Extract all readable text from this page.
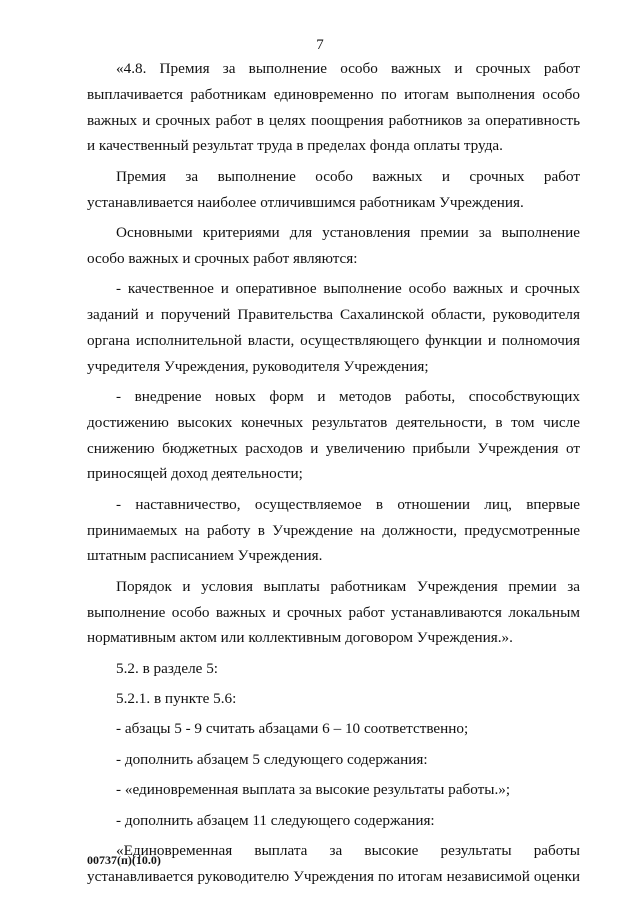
7

«4.8. Премия за выполнение особо важных и срочных работ выплачивается работникам единовременно по итогам выполнения особо важных и срочных работ в целях поощрения работников за оперативность и качественный результат труда в пределах фонда оплаты труда.

Премия за выполнение особо важных и срочных работ устанавливается наиболее отличившимся работникам Учреждения.

Основными критериями для установления премии за выполнение особо важных и срочных работ являются:

- качественное и оперативное выполнение особо важных и срочных заданий и поручений Правительства Сахалинской области, руководителя органа исполнительной власти, осуществляющего функции и полномочия учредителя Учреждения, руководителя Учреждения;

- внедрение новых форм и методов работы, способствующих достижению высоких конечных результатов деятельности, в том числе снижению бюджетных расходов и увеличению прибыли Учреждения от приносящей доход деятельности;

- наставничество, осуществляемое в отношении лиц, впервые принимаемых на работу в Учреждение на должности, предусмотренные штатным расписанием Учреждения.

Порядок и условия выплаты работникам Учреждения премии за выполнение особо важных и срочных работ устанавливаются локальным нормативным актом или коллективным договором Учреждения.».

5.2. в разделе 5:

5.2.1. в пункте 5.6:

- абзацы 5 - 9 считать абзацами 6 – 10 соответственно;

- дополнить абзацем 5 следующего содержания:

- «единовременная выплата за высокие результаты работы.»;

- дополнить абзацем 11 следующего содержания:

«Единовременная выплата за высокие результаты работы устанавливается руководителю Учреждения по итогам независимой оценки

00737(п)(10.0)
